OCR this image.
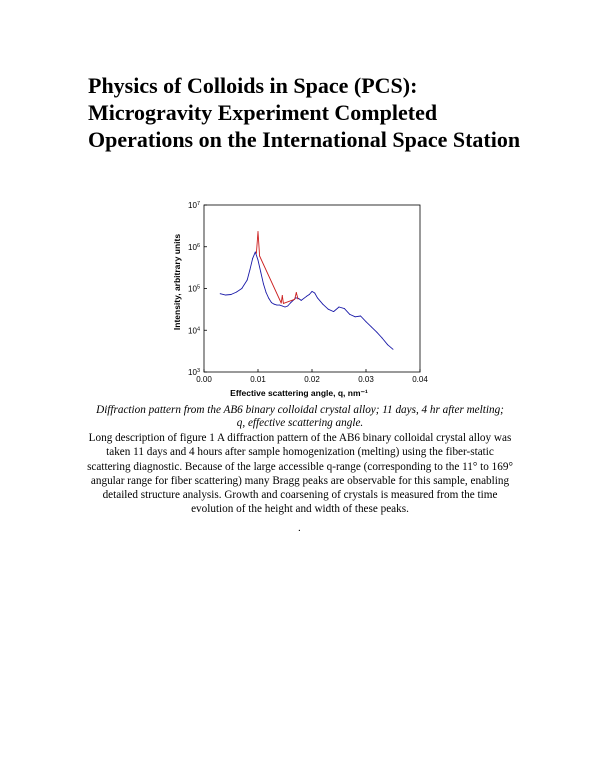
Physics of Colloids in Space (PCS): Microgravity Experiment Completed Operations on the International Space Station
0.00	0.01	0.02	0.03	0.04
$10^3$
$10^4$
$10^5$
$10^6$
$10^7$
Effective scattering angle, q, nm⁻¹
Intensity, arbitrary units

Diffraction pattern from the AB6 binary colloidal crystal alloy; 11 days, 4 hr after melting; q, effective scattering angle.

Long description of figure 1 A diffraction pattern of the AB6 binary colloidal crystal alloy was taken 11 days and 4 hours after sample homogenization (melting) using the fiber-static scattering diagnostic. Because of the large accessible q-range (corresponding to the 11° to 169° angular range for fiber scattering) many Bragg peaks are observable for this sample, enabling detailed structure analysis. Growth and coarsening of crystals is measured from the time evolution of the height and width of these peaks.

.
